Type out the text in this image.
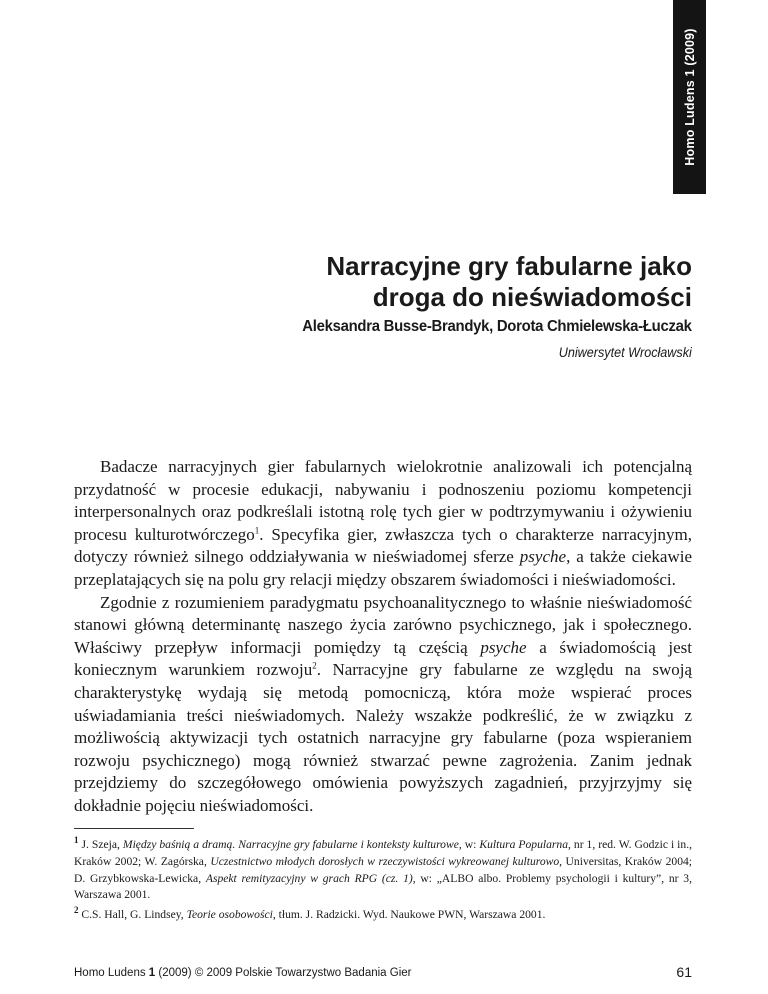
Homo Ludens 1 (2009)
Narracyjne gry fabularne jako
droga do nieświadomości
Aleksandra Busse-Brandyk, Dorota Chmielewska-Łuczak
Uniwersytet Wrocławski

Badacze narracyjnych gier fabularnych wielokrotnie analizowali ich potencjalną przydatność w procesie edukacji, nabywaniu i podnoszeniu poziomu kompetencji interpersonalnych oraz podkreślali istotną rolę tych gier w podtrzymywaniu i ożywieniu procesu kulturotwórczego$^1$. Specyfika gier, zwłaszcza tych o charakterze narracyjnym, dotyczy również silnego oddziaływania w nieświadomej sferze psyche, a także ciekawie przeplatających się na polu gry relacji między obszarem świadomości i nieświadomości.

Zgodnie z rozumieniem paradygmatu psychoanalitycznego to właśnie nieświadomość stanowi główną determinantę naszego życia zarówno psychicznego, jak i społecznego. Właściwy przepływ informacji pomiędzy tą częścią psyche a świadomością jest koniecznym warunkiem rozwoju$^2$. Narracyjne gry fabularne ze względu na swoją charakterystykę wydają się metodą pomocniczą, która może wspierać proces uświadamiania treści nieświadomych. Należy wszakże podkreślić, że w związku z możliwością aktywizacji tych ostatnich narracyjne gry fabularne (poza wspieraniem rozwoju psychicznego) mogą również stwarzać pewne zagrożenia. Zanim jednak przejdziemy do szczegółowego omówienia powyższych zagadnień, przyjrzyjmy się dokładnie pojęciu nieświadomości.

$^1$ J. Szeja, Między baśnią a dramą. Narracyjne gry fabularne i konteksty kulturowe, w: Kultura Popularna, nr 1, red. W. Godzic i in., Kraków 2002; W. Zagórska, Uczestnictwo młodych dorosłych w rzeczywistości wykreowanej kulturowo, Universitas, Kraków 2004; D. Grzybkowska-Lewicka, Aspekt remityzacyjny w grach RPG (cz. 1), w: „ALBO albo. Problemy psychologii i kultury”, nr 3, Warszawa 2001.

$^2$ C.S. Hall, G. Lindsey, Teorie osobowości, tłum. J. Radzicki. Wyd. Naukowe PWN, Warszawa 2001.

Homo Ludens 1 (2009) © 2009 Polskie Towarzystwo Badania Gier	61
